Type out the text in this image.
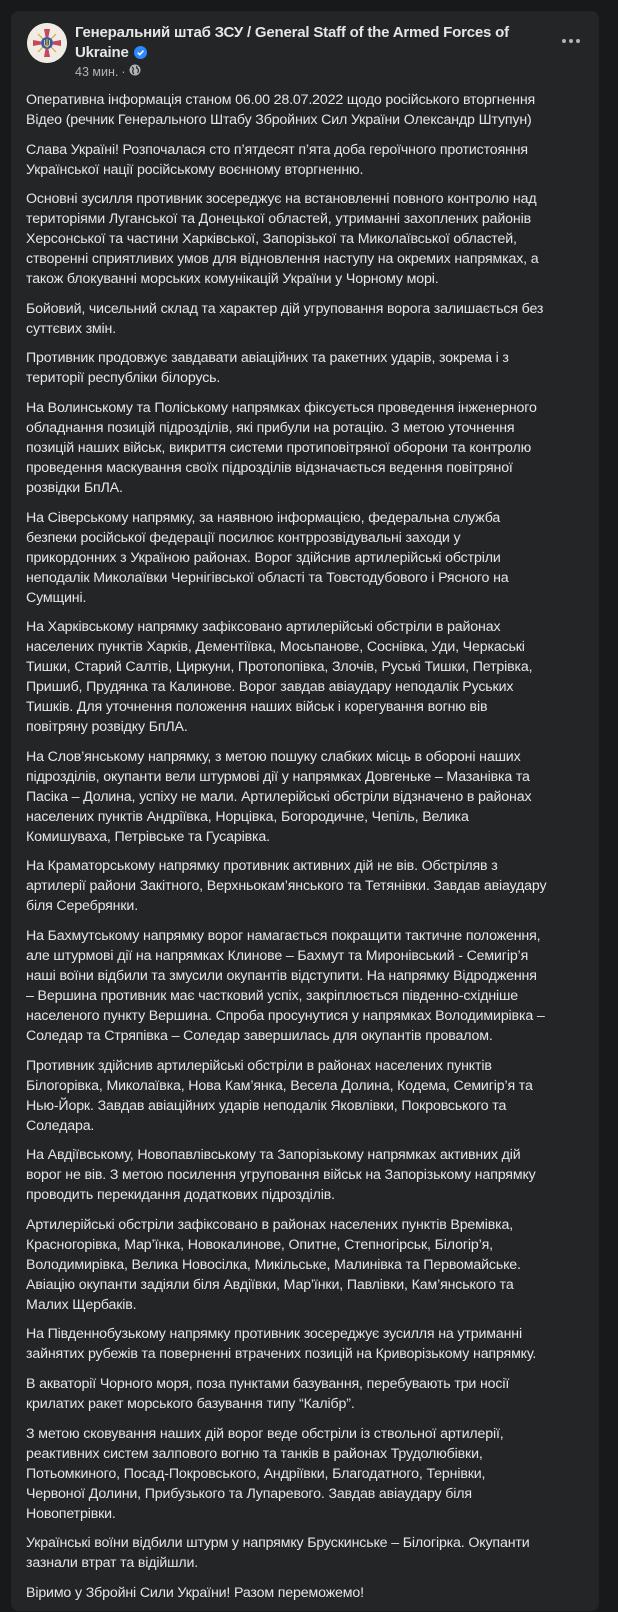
Генеральний штаб ЗСУ / General Staff of the Armed Forces of Ukraine
43 мин. ·
Оперативна інформація станом 06.00 28.07.2022 щодо російського вторгнення
Відео (речник Генерального Штабу Збройних Сил України Олександр Штупун)
Слава Україні! Розпочалася сто п’ятдесят п’ята доба героїчного протистояння
Української нації російському воєнному вторгненню.
Основні зусилля противник зосереджує на встановленні повного контролю над
територіями Луганської та Донецької областей, утриманні захоплених районів
Херсонської та частини Харківської, Запорізької та Миколаївської областей,
створенні сприятливих умов для відновлення наступу на окремих напрямках, а
також блокуванні морських комунікацій України у Чорному морі.
Бойовий, чисельний склад та характер дій угруповання ворога залишається без
суттєвих змін.
Противник продовжує завдавати авіаційних та ракетних ударів, зокрема і з
території республіки білорусь.
На Волинському та Поліському напрямках фіксується проведення інженерного
обладнання позицій підрозділів, які прибули на ротацію. З метою уточнення
позицій наших військ, викриття системи протиповітряної оборони та контролю
проведення маскування своїх підрозділів відзначається ведення повітряної
розвідки БпЛА.
На Сіверському напрямку, за наявною інформацією, федеральна служба
безпеки російської федерації посилює контррозвідувальні заходи у
прикордонних з Україною районах. Ворог здійснив артилерійські обстріли
неподалік Миколаївки Чернігівської області та Товстодубового і Рясного на
Сумщині.
На Харківському напрямку зафіксовано артилерійські обстріли в районах
населених пунктів Харків, Дементіївка, Мосьпанове, Соснівка, Уди, Черкаські
Тишки, Старий Салтів, Циркуни, Протопопівка, Злочів, Руські Тишки, Петрівка,
Пришиб, Прудянка та Калинове. Ворог завдав авіаудару неподалік Руських
Тишків. Для уточнення положення наших військ і корегування вогню вів
повітряну розвідку БпЛА.
На Слов’янському напрямку, з метою пошуку слабких місць в обороні наших
підрозділів, окупанти вели штурмові дії у напрямках Довгеньке – Мазанівка та
Пасіка – Долина, успіху не мали. Артилерійські обстріли відзначено в районах
населених пунктів Андріївка, Норцівка, Богородичне, Чепіль, Велика
Комишуваха, Петрівське та Гусарівка.
На Краматорському напрямку противник активних дій не вів. Обстріляв з
артилерії райони Закітного, Верхньокам’янського та Тетянівки. Завдав авіаудару
біля Серебрянки.
На Бахмутському напрямку ворог намагається покращити тактичне положення,
але штурмові дії на напрямках Клинове – Бахмут та Миронівський - Семигір’я
наші воїни відбили та змусили окупантів відступити. На напрямку Відродження
– Вершина противник має частковий успіх, закріплюється південно-східніше
населеного пункту Вершина. Спроба просунутися у напрямках Володимирівка –
Соледар та Стряпівка – Соледар завершилась для окупантів провалом.
Противник здійснив артилерійські обстріли в районах населених пунктів
Білогорівка, Миколаївка, Нова Кам’янка, Весела Долина, Кодема, Семигір’я та
Нью-Йорк. Завдав авіаційних ударів неподалік Яковлівки, Покровського та
Соледара.
На Авдіївському, Новопавлівському та Запорізькому напрямках активних дій
ворог не вів. З метою посилення угруповання військ на Запорізькому напрямку
проводить перекидання додаткових підрозділів.
Артилерійські обстріли зафіксовано в районах населених пунктів Времівка,
Красногорівка, Мар’їнка, Новокалинове, Опитне, Степногірськ, Білогір’я,
Володимирівка, Велика Новосілка, Микільське, Малинівка та Первомайське.
Авіацію окупанти задіяли біля Авдіївки, Мар’їнки, Павлівки, Кам’янського та
Малих Щербаків.
На Південнобузькому напрямку противник зосереджує зусилля на утриманні
зайнятих рубежів та поверненні втрачених позицій на Криворізькому напрямку.
В акваторії Чорного моря, поза пунктами базування, перебувають три носії
крилатих ракет морського базування типу “Калібр”.
З метою сковування наших дій ворог веде обстріли із ствольної артилерії,
реактивних систем залпового вогню та танків в районах Трудолюбівки,
Потьомкиного, Посад-Покровського, Андріївки, Благодатного, Тернівки,
Червоної Долини, Прибузького та Лупаревого. Завдав авіаудару біля
Новопетрівки.
Українські воїни відбили штурм у напрямку Брускинське – Білогірка. Окупанти
зазнали втрат та відійшли.
Віримо у Збройні Сили України! Разом переможемо!
